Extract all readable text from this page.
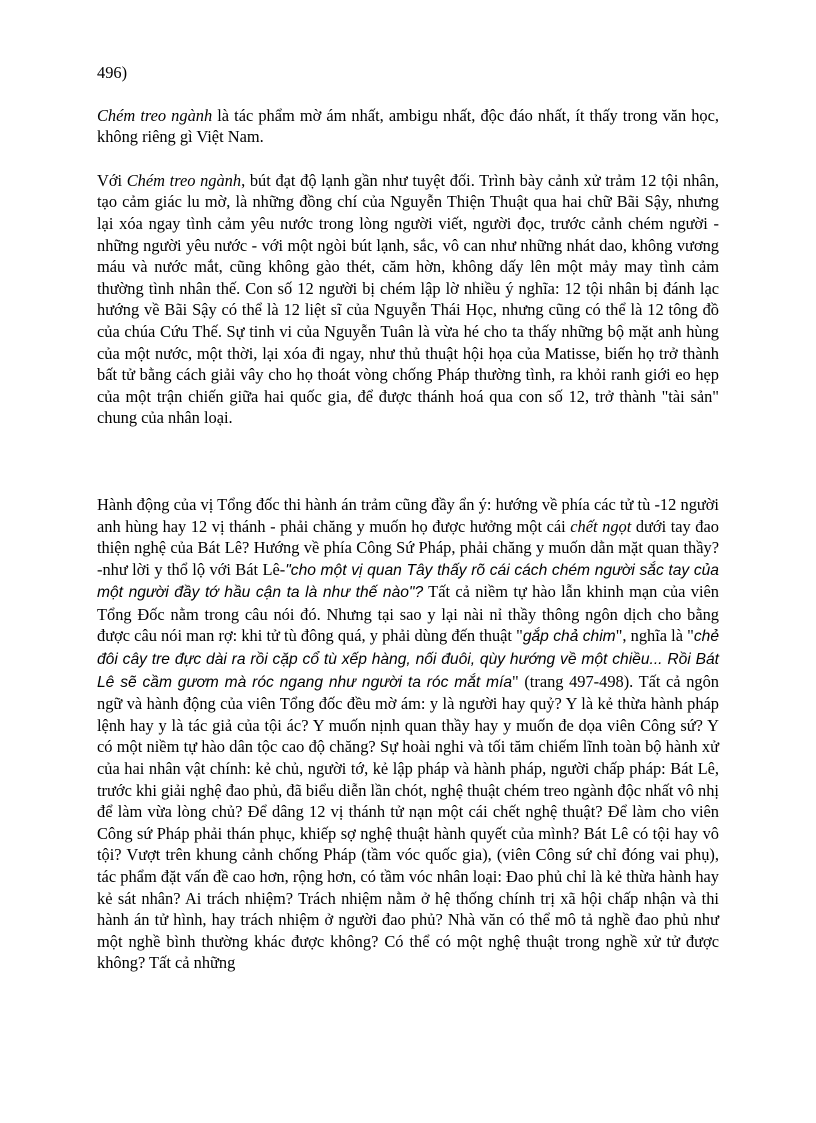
496)

Chém treo ngành là tác phẩm mờ ám nhất, ambigu nhất, độc đáo nhất, ít thấy trong văn học, không riêng gì Việt Nam.

Với Chém treo ngành, bút đạt độ lạnh gần như tuyệt đối. Trình bày cảnh xử trảm 12 tội nhân, tạo cảm giác lu mờ, là những đồng chí của Nguyễn Thiện Thuật qua hai chữ Bãi Sậy, nhưng lại xóa ngay tình cảm yêu nước trong lòng người viết, người đọc, trước cảnh chém người - những người yêu nước - với một ngòi bút lạnh, sắc, vô can như những nhát dao, không vương máu và nước mắt, cũng không gào thét, căm hờn, không dấy lên một mảy may tình cảm thường tình nhân thế. Con số 12 người bị chém lập lờ nhiều ý nghĩa: 12 tội nhân bị đánh lạc hướng về Bãi Sậy có thể là 12 liệt sĩ của Nguyễn Thái Học, nhưng cũng có thể là 12 tông đồ của chúa Cứu Thế. Sự tinh vi của Nguyễn Tuân là vừa hé cho ta thấy những bộ mặt anh hùng của một nước, một thời, lại xóa đi ngay, như thủ thuật hội họa của Matisse, biến họ trở thành bất tử bằng cách giải vây cho họ thoát vòng chống Pháp thường tình, ra khỏi ranh giới eo hẹp của một trận chiến giữa hai quốc gia, để được thánh hoá qua con số 12, trở thành "tài sản" chung của nhân loại.

Hành động của vị Tổng đốc thi hành án trảm cũng đầy ẩn ý: hướng về phía các tử tù -12 người anh hùng hay 12 vị thánh - phải chăng y muốn họ được hưởng một cái chết ngọt dưới tay đao thiện nghệ của Bát Lê? Hướng về phía Công Sứ Pháp, phải chăng y muốn dằn mặt quan thầy? -như lời y thổ lộ với Bát Lê-"cho một vị quan Tây thấy rõ cái cách chém người sắc tay của một người đầy tớ hầu cận ta là như thế nào"? Tất cả niềm tự hào lẫn khinh mạn của viên Tổng Đốc nằm trong câu nói đó. Nhưng tại sao y lại nài nỉ thầy thông ngôn dịch cho bằng được câu nói man rợ: khi tử tù đông quá, y phải dùng đến thuật "gắp chả chim", nghĩa là "chẻ đôi cây tre đực dài ra rồi cặp cổ tù xếp hàng, nối đuôi, qùy hướng về một chiều... Rồi Bát Lê sẽ cầm gươm mà róc ngang như người ta róc mắt mía" (trang 497-498). Tất cả ngôn ngữ và hành động của viên Tổng đốc đều mờ ám: y là người hay quỷ? Y là kẻ thừa hành pháp lệnh hay y là tác giả của tội ác? Y muốn nịnh quan thầy hay y muốn đe dọa viên Công sứ? Y có một niềm tự hào dân tộc cao độ chăng? Sự hoài nghi và tối tăm chiếm lĩnh toàn bộ hành xử của hai nhân vật chính: kẻ chủ, người tớ, kẻ lập pháp và hành pháp, người chấp pháp: Bát Lê, trước khi giải nghệ đao phủ, đã biểu diễn lần chót, nghệ thuật chém treo ngành độc nhất vô nhị để làm vừa lòng chủ? Để dâng 12 vị thánh tử nạn một cái chết nghệ thuật? Để làm cho viên Công sứ Pháp phải thán phục, khiếp sợ nghệ thuật hành quyết của mình? Bát Lê có tội hay vô tội? Vượt trên khung cảnh chống Pháp (tầm vóc quốc gia), (viên Công sứ chỉ đóng vai phụ), tác phẩm đặt vấn đề cao hơn, rộng hơn, có tầm vóc nhân loại: Đao phủ chỉ là kẻ thừa hành hay kẻ sát nhân? Ai trách nhiệm? Trách nhiệm nằm ở hệ thống chính trị xã hội chấp nhận và thi hành án tử hình, hay trách nhiệm ở người đao phủ? Nhà văn có thể mô tả nghề đao phủ như một nghề bình thường khác được không? Có thể có một nghệ thuật trong nghề xử tử được không? Tất cả những
